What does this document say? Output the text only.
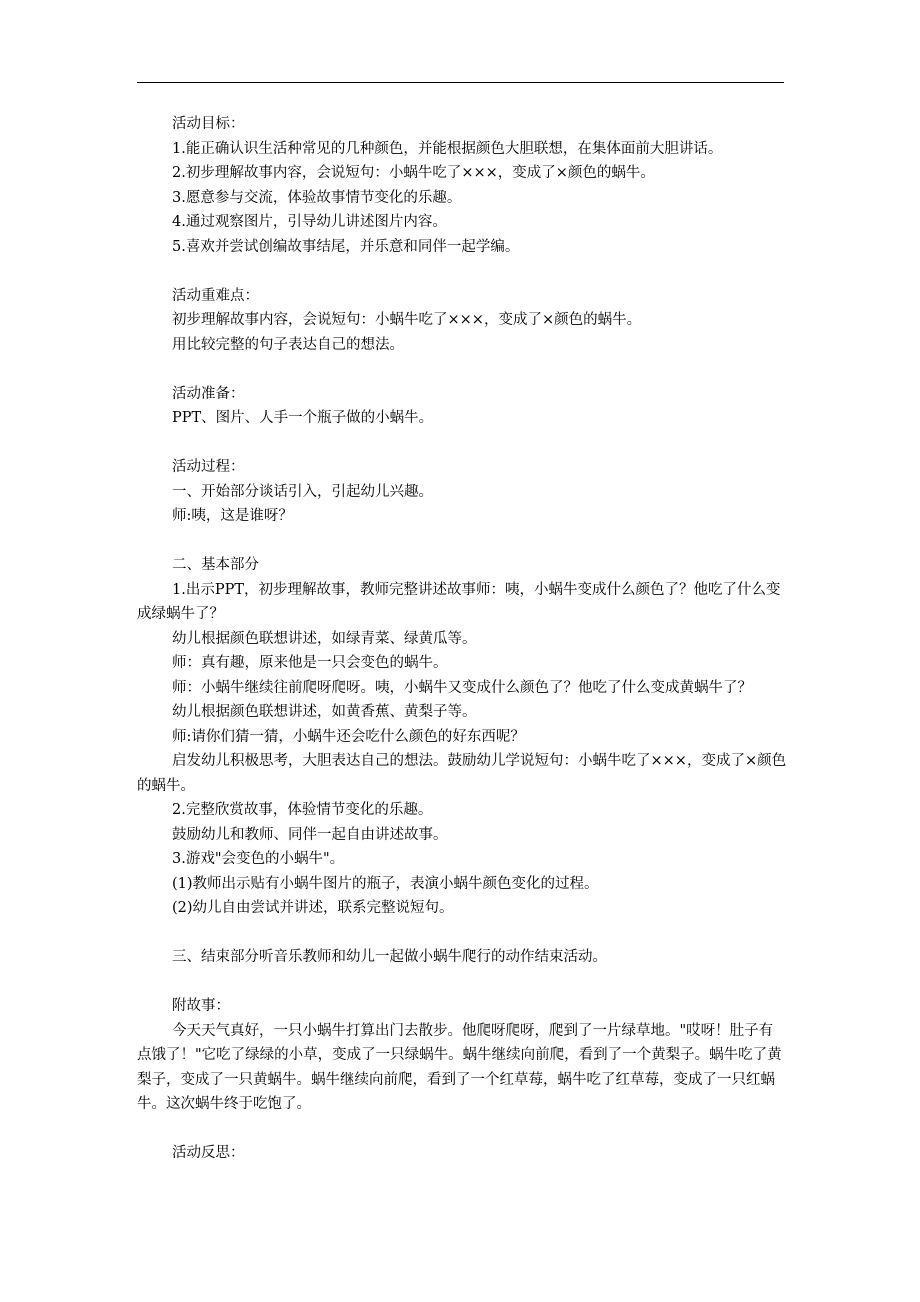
活动目标：

1.能正确认识生活种常见的几种颜色，并能根据颜色大胆联想，在集体面前大胆讲话。

2.初步理解故事内容，会说短句：小蜗牛吃了×××，变成了×颜色的蜗牛。

3.愿意参与交流，体验故事情节变化的乐趣。

4.通过观察图片，引导幼儿讲述图片内容。

5.喜欢并尝试创编故事结尾，并乐意和同伴一起学编。

活动重难点：

初步理解故事内容，会说短句：小蜗牛吃了×××，变成了×颜色的蜗牛。

用比较完整的句子表达自己的想法。

活动准备：

PPT、图片、人手一个瓶子做的小蜗牛。

活动过程：

一、开始部分谈话引入，引起幼儿兴趣。

师:咦，这是谁呀？

二、基本部分

1.出示PPT，初步理解故事，教师完整讲述故事师：咦，小蜗牛变成什么颜色了？他吃了什么变成绿蜗牛了？

幼儿根据颜色联想讲述，如绿青菜、绿黄瓜等。

师：真有趣，原来他是一只会变色的蜗牛。

师：小蜗牛继续往前爬呀爬呀。咦，小蜗牛又变成什么颜色了？他吃了什么变成黄蜗牛了？

幼儿根据颜色联想讲述，如黄香蕉、黄梨子等。

师:请你们猜一猜，小蜗牛还会吃什么颜色的好东西呢？

启发幼儿积极思考，大胆表达自己的想法。鼓励幼儿学说短句：小蜗牛吃了×××，变成了×颜色的蜗牛。

2.完整欣赏故事，体验情节变化的乐趣。

鼓励幼儿和教师、同伴一起自由讲述故事。

3.游戏"会变色的小蜗牛"。

(1)教师出示贴有小蜗牛图片的瓶子，表演小蜗牛颜色变化的过程。

(2)幼儿自由尝试并讲述，联系完整说短句。

三、结束部分听音乐教师和幼儿一起做小蜗牛爬行的动作结束活动。

附故事：

今天天气真好，一只小蜗牛打算出门去散步。他爬呀爬呀，爬到了一片绿草地。"哎呀！肚子有点饿了！"它吃了绿绿的小草，变成了一只绿蜗牛。蜗牛继续向前爬，看到了一个黄梨子。蜗牛吃了黄梨子，变成了一只黄蜗牛。蜗牛继续向前爬，看到了一个红草莓，蜗牛吃了红草莓，变成了一只红蜗牛。这次蜗牛终于吃饱了。

活动反思：
